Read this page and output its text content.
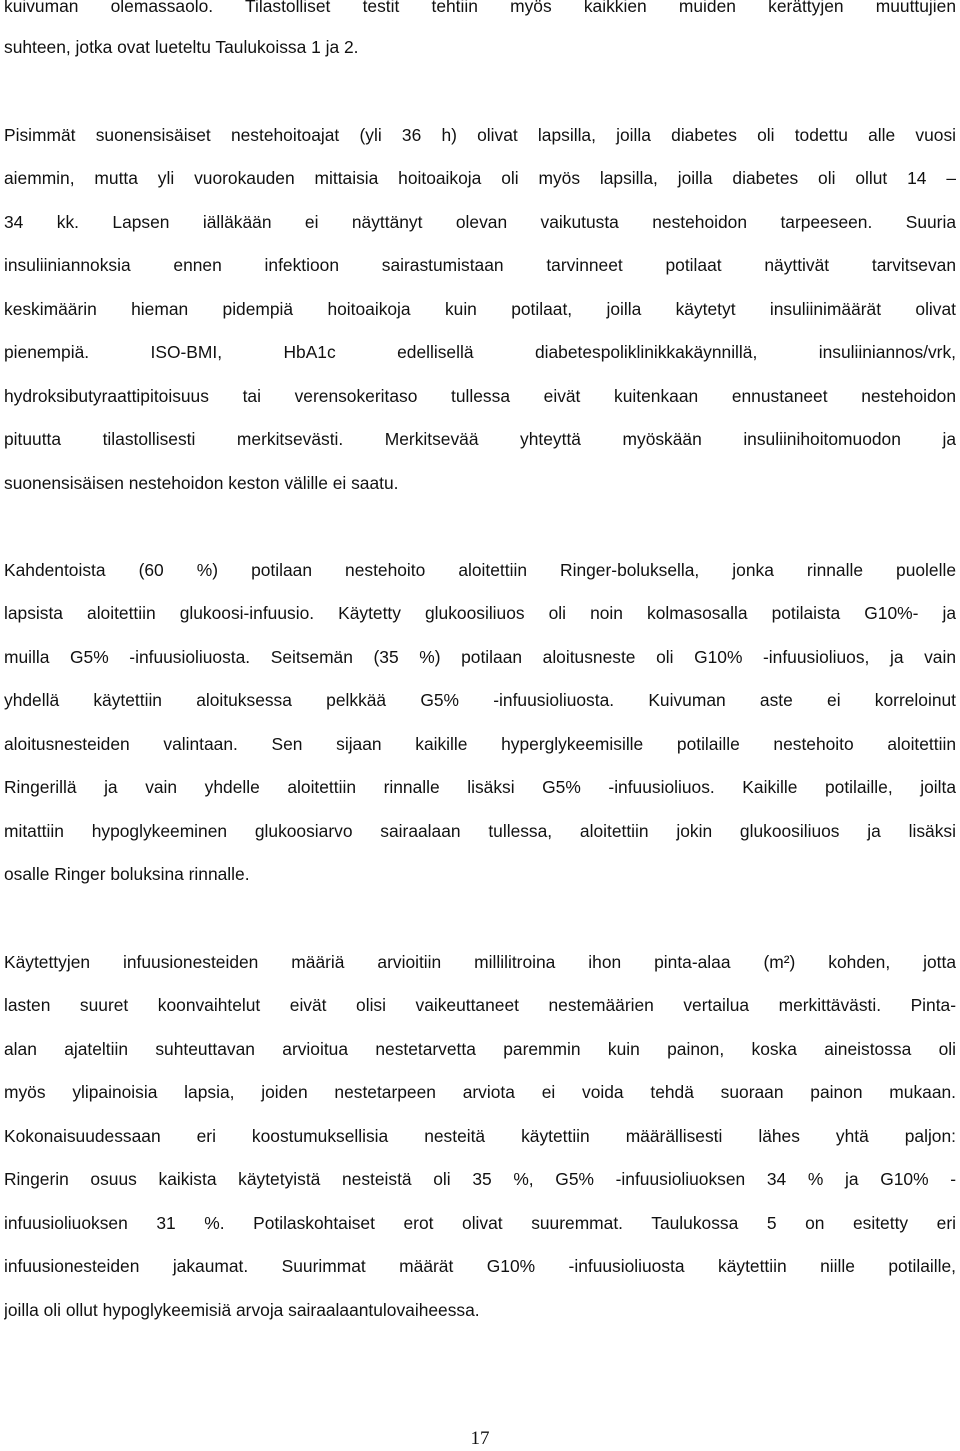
kuivuman olemassaolo. Tilastolliset testit tehtiin myös kaikkien muiden kerättyjen muuttujien
suhteen, jotka ovat lueteltu Taulukoissa 1 ja 2.
Pisimmät suonensisäiset nestehoitoajat (yli 36 h) olivat lapsilla, joilla diabetes oli todettu alle vuosi
aiemmin, mutta yli vuorokauden mittaisia hoitoaikoja oli myös lapsilla, joilla diabetes oli ollut 14 –
34 kk. Lapsen iälläkään ei näyttänyt olevan vaikutusta nestehoidon tarpeeseen. Suuria
insuliiniannoksia ennen infektioon sairastumistaan tarvinneet potilaat näyttivät tarvitsevan
keskimäärin hieman pidempiä hoitoaikoja kuin potilaat, joilla käytetyt insuliinimäärät olivat
pienempiä. ISO-BMI, HbA1c edellisellä diabetespoliklinikkakäynnillä, insuliiniannos/vrk,
hydroksibutyraattipitoisuus tai verensokeritaso tullessa eivät kuitenkaan ennustaneet nestehoidon
pituutta tilastollisesti merkitsevästi. Merkitsevää yhteyttä myöskään insuliinihoitomuodon ja
suonensisäisen nestehoidon keston välille ei saatu.
Kahdentoista (60 %) potilaan nestehoito aloitettiin Ringer-boluksella, jonka rinnalle puolelle
lapsista aloitettiin glukoosi-infuusio. Käytetty glukoosiliuos oli noin kolmasosalla potilaista G10%- ja
muilla G5% -infuusioliuosta. Seitsemän (35 %) potilaan aloitusneste oli G10% -infuusioliuos, ja vain
yhdellä käytettiin aloituksessa pelkkää G5% -infuusioliuosta. Kuivuman aste ei korreloinut
aloitusnesteiden valintaan. Sen sijaan kaikille hyperglykeemisille potilaille nestehoito aloitettiin
Ringerillä ja vain yhdelle aloitettiin rinnalle lisäksi G5% -infuusioliuos. Kaikille potilaille, joilta
mitattiin hypoglykeeminen glukoosiarvo sairaalaan tullessa, aloitettiin jokin glukoosiliuos ja lisäksi
osalle Ringer boluksina rinnalle.
Käytettyjen infuusionesteiden määriä arvioitiin millilitroina ihon pinta-alaa (m²) kohden, jotta
lasten suuret koonvaihtelut eivät olisi vaikeuttaneet nestemäärien vertailua merkittävästi. Pinta-
alan ajateltiin suhteuttavan arvioitua nestetarvetta paremmin kuin painon, koska aineistossa oli
myös ylipainoisia lapsia, joiden nestetarpeen arviota ei voida tehdä suoraan painon mukaan.
Kokonaisuudessaan eri koostumuksellisia nesteitä käytettiin määrällisesti lähes yhtä paljon:
Ringerin osuus kaikista käytetyistä nesteistä oli 35 %, G5% -infuusioliuoksen 34 % ja G10% -
infuusioliuoksen 31 %. Potilaskohtaiset erot olivat suuremmat. Taulukossa 5 on esitetty eri
infuusionesteiden jakaumat. Suurimmat määrät G10% -infuusioliuosta käytettiin niille potilaille,
joilla oli ollut hypoglykeemisiä arvoja sairaalaantulovaiheessa.
17
